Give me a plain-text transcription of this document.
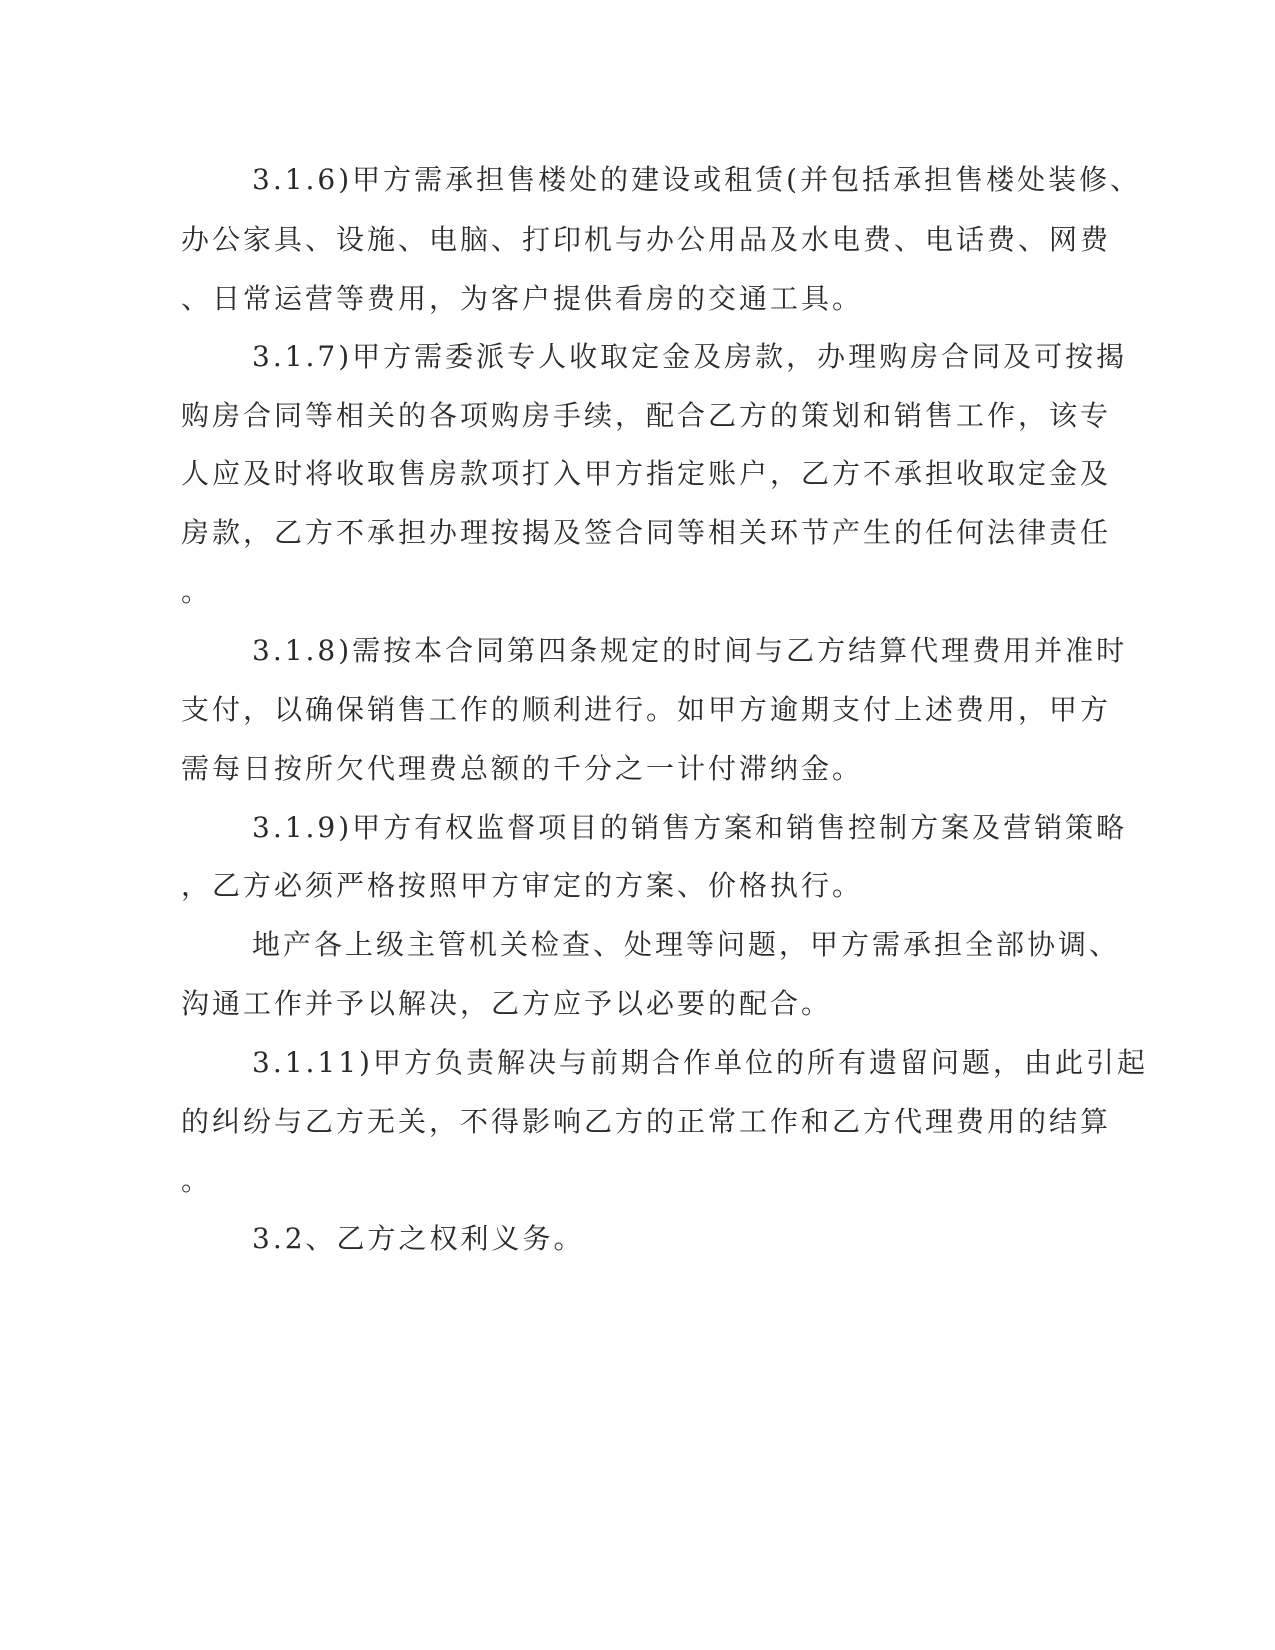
3.1.6)甲方需承担售楼处的建设或租赁(并包括承担售楼处装修、
办公家具、设施、电脑、打印机与办公用品及水电费、电话费、网费
、日常运营等费用，为客户提供看房的交通工具。
3.1.7)甲方需委派专人收取定金及房款，办理购房合同及可按揭
购房合同等相关的各项购房手续，配合乙方的策划和销售工作，该专
人应及时将收取售房款项打入甲方指定账户，乙方不承担收取定金及
房款，乙方不承担办理按揭及签合同等相关环节产生的任何法律责任
。
3.1.8)需按本合同第四条规定的时间与乙方结算代理费用并准时
支付，以确保销售工作的顺利进行。如甲方逾期支付上述费用，甲方
需每日按所欠代理费总额的千分之一计付滞纳金。
3.1.9)甲方有权监督项目的销售方案和销售控制方案及营销策略
，乙方必须严格按照甲方审定的方案、价格执行。
地产各上级主管机关检查、处理等问题，甲方需承担全部协调、
沟通工作并予以解决，乙方应予以必要的配合。
3.1.11)甲方负责解决与前期合作单位的所有遗留问题，由此引起
的纠纷与乙方无关，不得影响乙方的正常工作和乙方代理费用的结算
。
3.2、乙方之权利义务。
